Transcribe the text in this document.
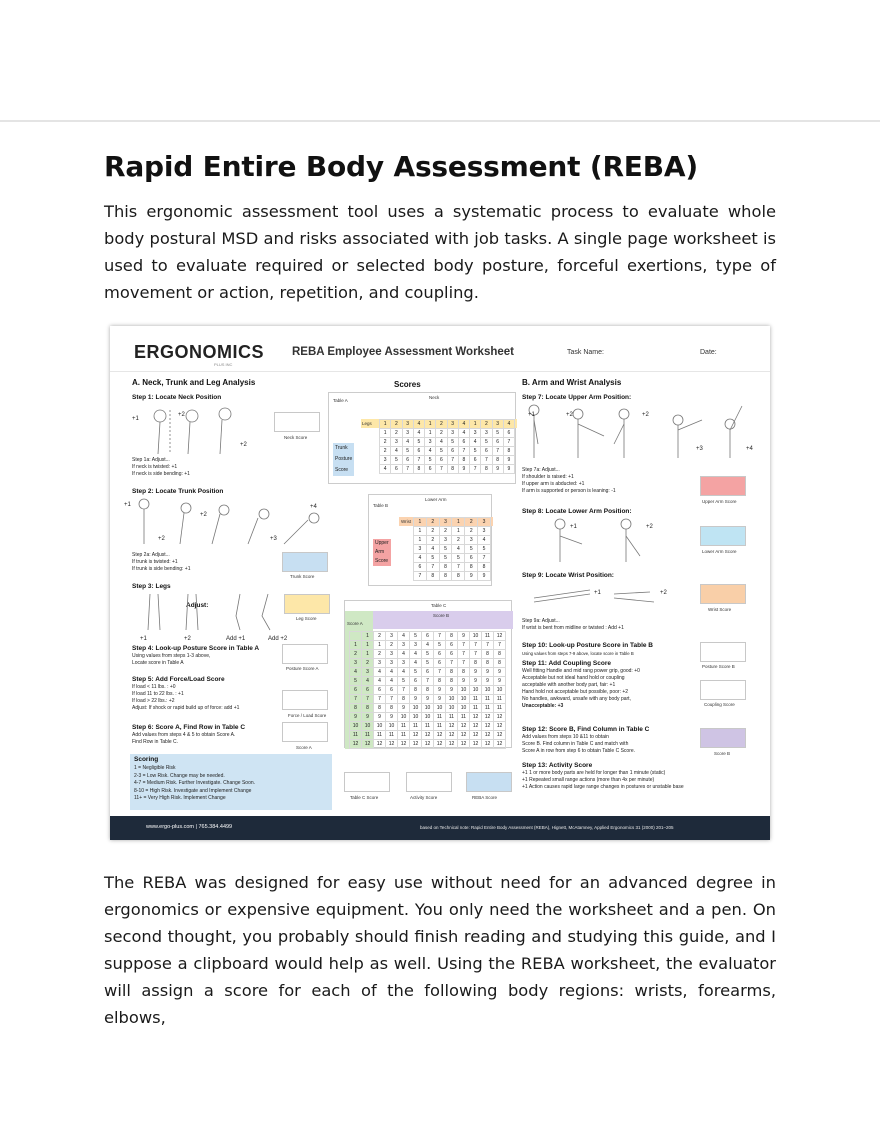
Rapid Entire Body Assessment (REBA)

This ergonomic assessment tool uses a systematic process to evaluate whole body postural MSD and risks associated with job tasks. A single page worksheet is used to evaluate required or selected body posture, forceful exertions, type of movement or action, repetition, and coupling.

ERGONOMICS
PLUS INC
REBA Employee Assessment Worksheet	Task Name:	Date:
A. Neck, Trunk and Leg Analysis
Step 1: Locate Neck Position
+1
+2
+2
Neck Score
Step 1a: Adjust...
If neck is twisted: +1
If neck is side bending: +1
Step 2: Locate Trunk Position
+1
+2
+2	+3
+4
Step 2a: Adjust...
If trunk is twisted: +1
If trunk is side bending: +1
Trunk Score
Step 3: Legs
Adjust:
+1	+2	Add +1	Add +2
Leg Score
Step 4: Look-up Posture Score in Table A
Using values from steps 1-3 above,
Locate score in Table A
Posture Score A
Step 5: Add Force/Load Score
If load < 11 lbs. : +0
If load 11 to 22 lbs. : +1
If load > 22 lbs.: +2
Adjust: If shock or rapid build up of force: add +1
Force / Load Score
Step 6: Score A, Find Row in Table C
Add values from steps 4 & 5 to obtain Score A.
Find Row in Table C.
Score A
Scoring
1 = Negligible Risk
2-3 = Low Risk. Change may be needed.
4-7 = Medium Risk. Further Investigate. Change Soon.
8-10 = High Risk. Investigate and Implement Change
11+ = Very High Risk. Implement Change
Scores
Table A
Neck
Legs
Trunk
Posture
Score
1	2	3	4	1	2	3	4	1	2	3	4
1	2	3	4	1	2	3	4	3	3	5	6
2	3	4	5	3	4	5	6	4	5	6	7
2	4	5	6	4	5	6	7	5	6	7	8
3	5	6	7	5	6	7	8	6	7	8	9
4	6	7	8	6	7	8	9	7	8	9	9
Table B
Lower Arm
Wrist
Upper
Arm
Score
1	2	3	1	2	3
1	2	2	1	2	3
1	2	3	2	3	4
3	4	5	4	5	5
4	5	5	5	6	7
6	7	8	7	8	8
7	8	8	8	9	9
Table C
Score A
Score B
	1	2	3	4	5	6	7	8	9	10	11	12
1	1	1	2	3	3	4	5	6	7	7	7	7
2	1	2	3	4	4	5	6	6	7	7	8	8
3	2	3	3	3	4	5	6	7	7	8	8	8
4	3	4	4	4	5	6	7	8	8	9	9	9
5	4	4	4	5	6	7	8	8	9	9	9	9
6	6	6	6	7	8	8	9	9	10	10	10	10
7	7	7	7	8	9	9	9	10	10	11	11	11
8	8	8	8	9	10	10	10	10	10	11	11	11
9	9	9	9	10	10	10	11	11	11	12	12	12
10	10	10	10	11	11	11	11	12	12	12	12	12
11	11	11	11	11	12	12	12	12	12	12	12	12
12	12	12	12	12	12	12	12	12	12	12	12	12
Table C Score	Activity Score	REBA Score
B. Arm and Wrist Analysis
Step 7: Locate Upper Arm Position:
+1	+2	+2
+3	+4
Step 7a: Adjust...
If shoulder is raised: +1
If upper arm is abducted: +1
If arm is supported or person is leaning: -1
Upper Arm Score
Step 8: Locate Lower Arm Position:
+1	+2
Lower Arm Score
Step 9: Locate Wrist Position:
+1	+2
Wrist Score
Step 9a: Adjust...
If wrist is bent from midline or twisted : Add +1
Step 10: Look-up Posture Score in Table B
Using values from steps 7-9 above, locate score in Table B
Posture Score B
Step 11: Add Coupling Score
Well fitting Handle and mid rang power grip, good: +0
Acceptable but not ideal hand hold or coupling
acceptable with another body part, fair: +1
Hand hold not acceptable but possible, poor: +2
No handles, awkward, unsafe with any body part,
Unacceptable: +3	Coupling Score
Step 12: Score B, Find Column in Table C
Add values from steps 10 &11 to obtain
Score B. Find column in Table C and match with
Score A in row from step 6 to obtain Table C Score.	Score B
Step 13: Activity Score
+1 1 or more body parts are held for longer than 1 minute (static)
+1 Repeated small range actions (more than 4x per minute)
+1 Action causes rapid large range changes in postures or unstable base
www.ergo-plus.com | 765.384.4499	based on Technical note: Rapid Entire Body Assessment (REBA), Hignett, McAtamney, Applied Ergonomics 31 (2000) 201–205

The REBA was designed for easy use without need for an advanced degree in ergonomics or expensive equipment. You only need the worksheet and a pen. On second thought, you probably should finish reading and studying this guide, and I suppose a clipboard would help as well. Using the REBA worksheet, the evaluator will assign a score for each of the following body regions: wrists, forearms, elbows,
